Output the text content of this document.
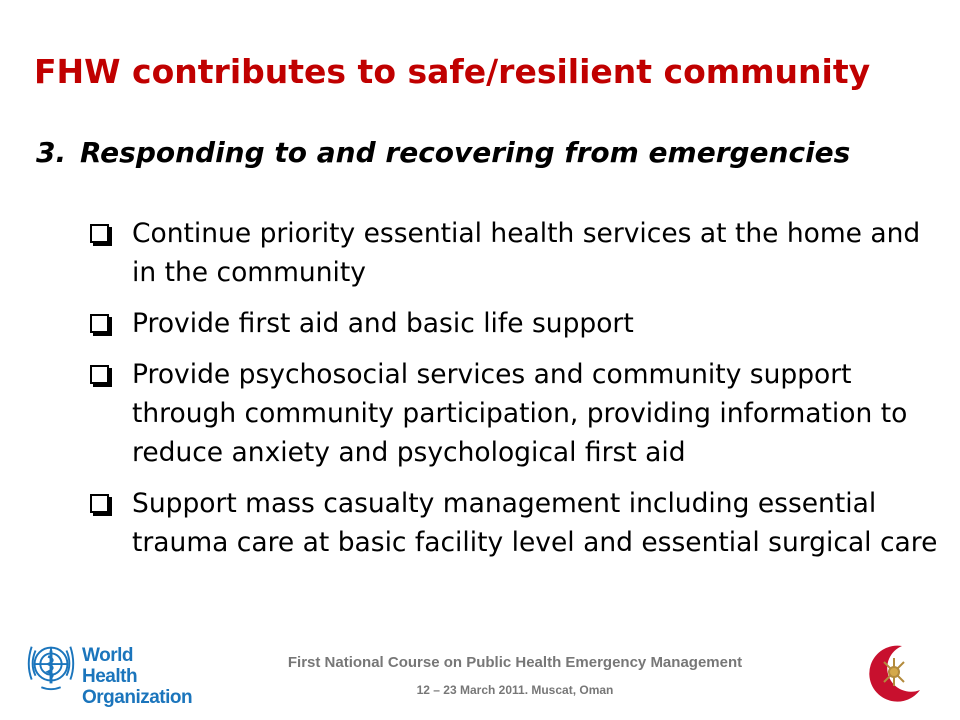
FHW contributes to safe/resilient community
3. Responding to and recovering from emergencies
Continue priority essential health services at the home and in the community
Provide first aid and basic life support
Provide psychosocial services and community support through community participation, providing information to reduce anxiety and psychological first aid
Support mass casualty management including essential trauma care at basic facility level and essential surgical care
World Health
Organization
First National Course on Public Health Emergency Management
12 – 23 March 2011. Muscat, Oman
